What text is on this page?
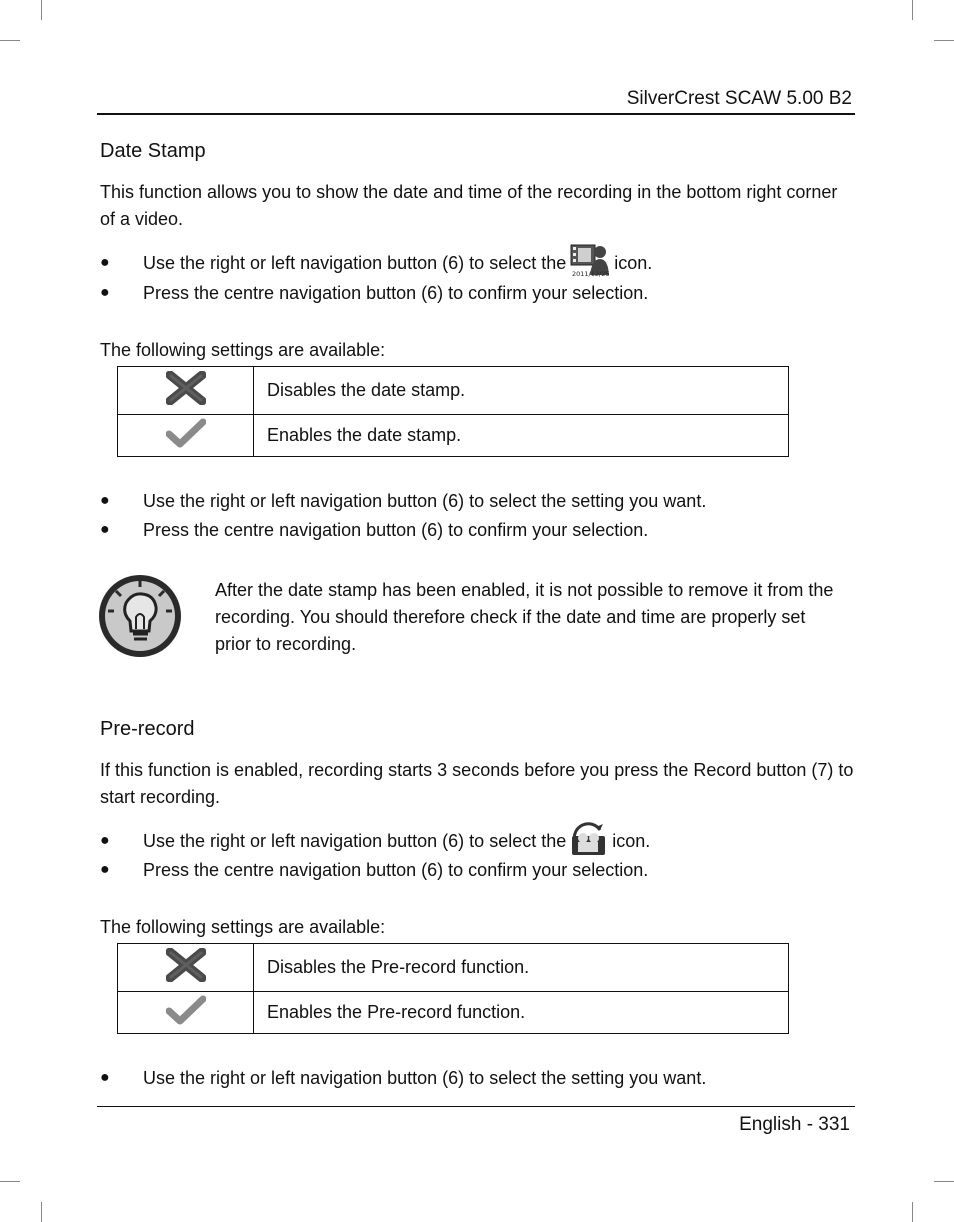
SilverCrest SCAW 5.00 B2
Date Stamp
This function allows you to show the date and time of the recording in the bottom right corner of a video.
●	Use the right or left navigation button (6) to select the
2011/12/25
icon.
●	Press the centre navigation button (6) to confirm your selection.
The following settings are available:
	Disables the date stamp.
	Enables the date stamp.
●	Use the right or left navigation button (6) to select the setting you want.
●	Press the centre navigation button (6) to confirm your selection.
After the date stamp has been enabled, it is not possible to remove it from the recording. You should therefore check if the date and time are properly set prior to recording.
Pre-record
If this function is enabled, recording starts 3 seconds before you press the Record button (7) to start recording.
●	Use the right or left navigation button (6) to select the	icon.
●	Press the centre navigation button (6) to confirm your selection.
The following settings are available:
	Disables the Pre-record function.
	Enables the Pre-record function.
●	Use the right or left navigation button (6) to select the setting you want.
English - 331
